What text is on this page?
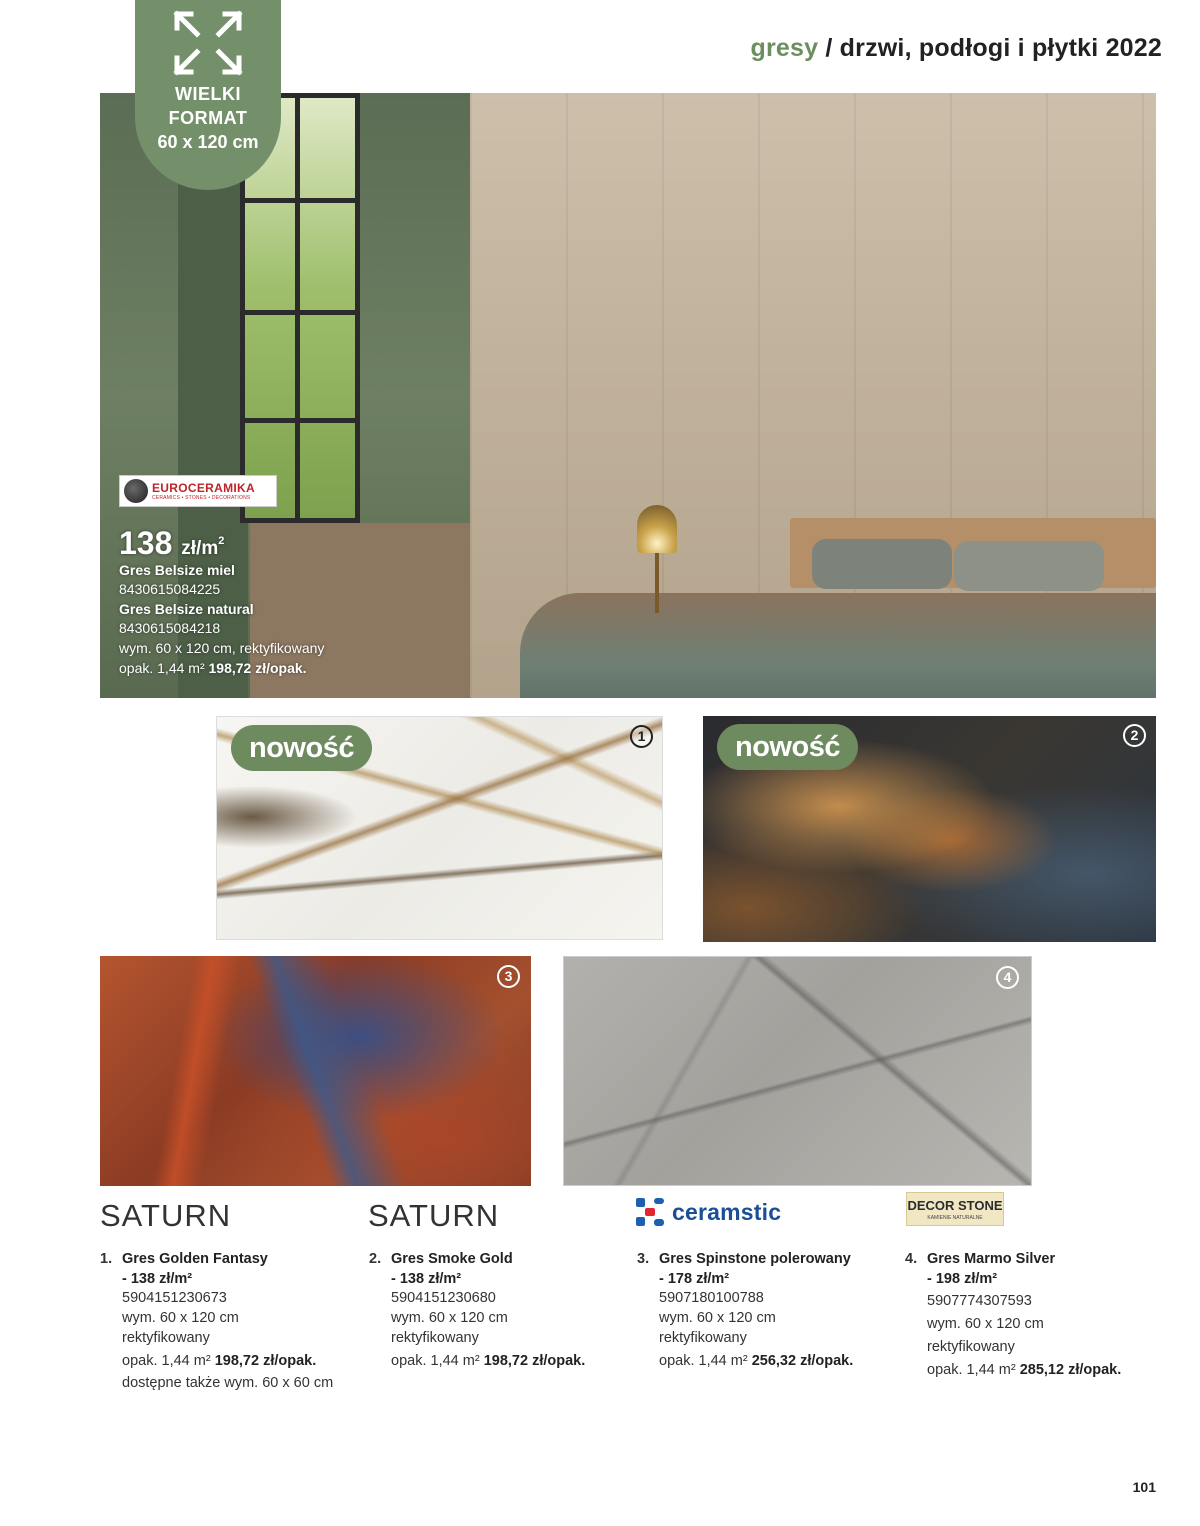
gresy / drzwi, podłogi i płytki 2022
WIELKI
FORMAT
60 x 120 cm
EUROCERAMIKA
CERAMICS • STONES • DECORATIONS
138 $zł/m^2$
Gres Belsize miel
8430615084225
Gres Belsize natural
8430615084218
wym. 60 x 120 cm, rektyfikowany
opak. 1,44 m² 198,72 zł/opak.
nowość	1	nowość	2
3	4
SATURN	SATURN	ceramstic	DECOR STONE
KAMIENIE NATURALNE
1. Gres Golden Fantasy
- 138 zł/m²
5904151230673
wym. 60 x 120 cm
rektyfikowany
opak. 1,44 m² 198,72 zł/opak.
dostępne także wym. 60 x 60 cm
2. Gres Smoke Gold
- 138 zł/m²
5904151230680
wym. 60 x 120 cm
rektyfikowany
opak. 1,44 m² 198,72 zł/opak.
3. Gres Spinstone polerowany
- 178 zł/m²
5907180100788
wym. 60 x 120 cm
rektyfikowany
opak. 1,44 m² 256,32 zł/opak.
4. Gres Marmo Silver
- 198 zł/m²
5907774307593
wym. 60 x 120 cm
rektyfikowany
opak. 1,44 m² 285,12 zł/opak.
101
